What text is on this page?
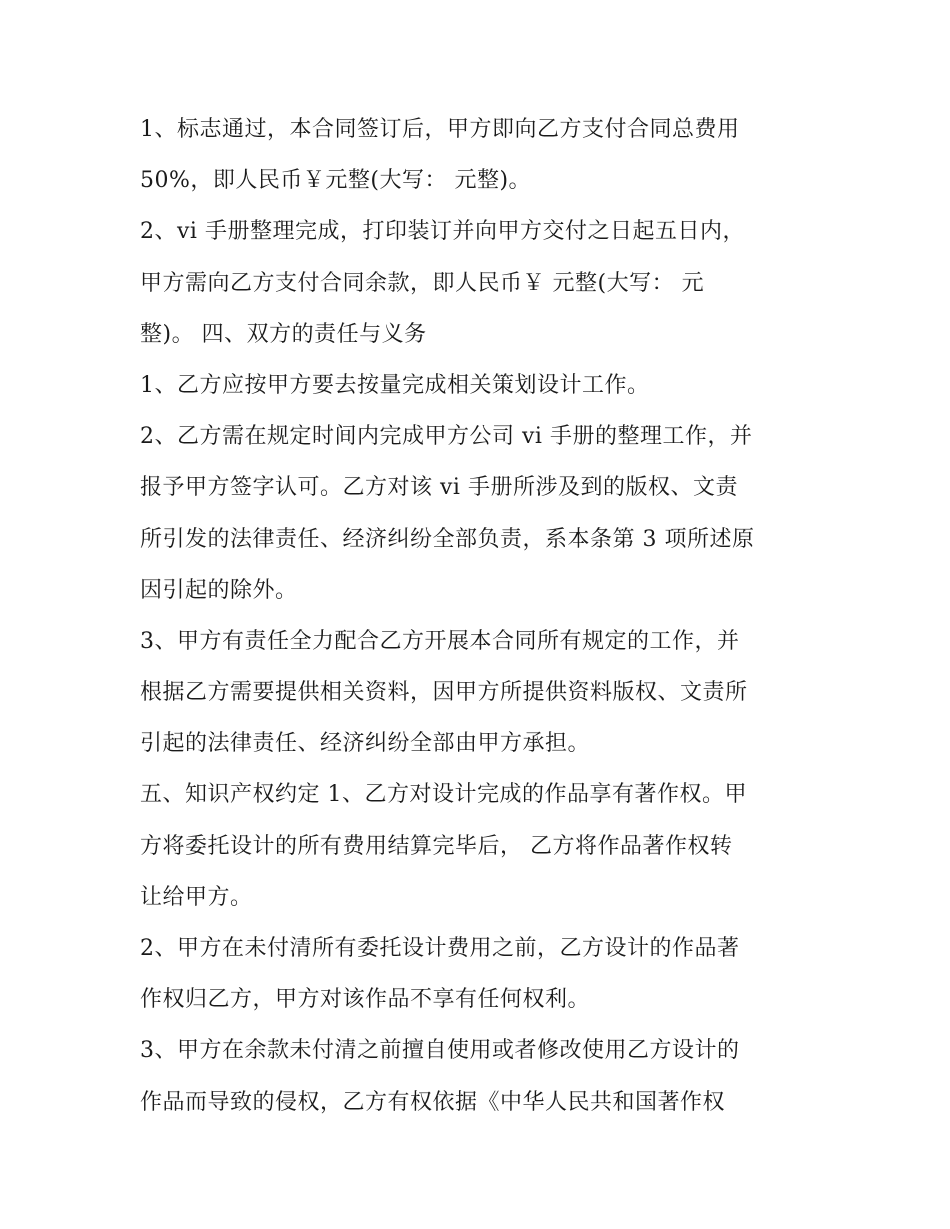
1、标志通过，本合同签订后，甲方即向乙方支付合同总费用
50%，即人民币￥元整(大写： 元整)。
2、vi 手册整理完成，打印装订并向甲方交付之日起五日内，
甲方需向乙方支付合同余款，即人民币￥ 元整(大写： 元
整)。 四、双方的责任与义务
1、乙方应按甲方要去按量完成相关策划设计工作。
2、乙方需在规定时间内完成甲方公司 vi 手册的整理工作，并
报予甲方签字认可。乙方对该 vi 手册所涉及到的版权、文责
所引发的法律责任、经济纠纷全部负责，系本条第 3 项所述原
因引起的除外。
3、甲方有责任全力配合乙方开展本合同所有规定的工作，并
根据乙方需要提供相关资料，因甲方所提供资料版权、文责所
引起的法律责任、经济纠纷全部由甲方承担。
五、知识产权约定 1、乙方对设计完成的作品享有著作权。甲
方将委托设计的所有费用结算完毕后， 乙方将作品著作权转
让给甲方。
2、甲方在未付清所有委托设计费用之前，乙方设计的作品著
作权归乙方，甲方对该作品不享有任何权利。
3、甲方在余款未付清之前擅自使用或者修改使用乙方设计的
作品而导致的侵权，乙方有权依据《中华人民共和国著作权
